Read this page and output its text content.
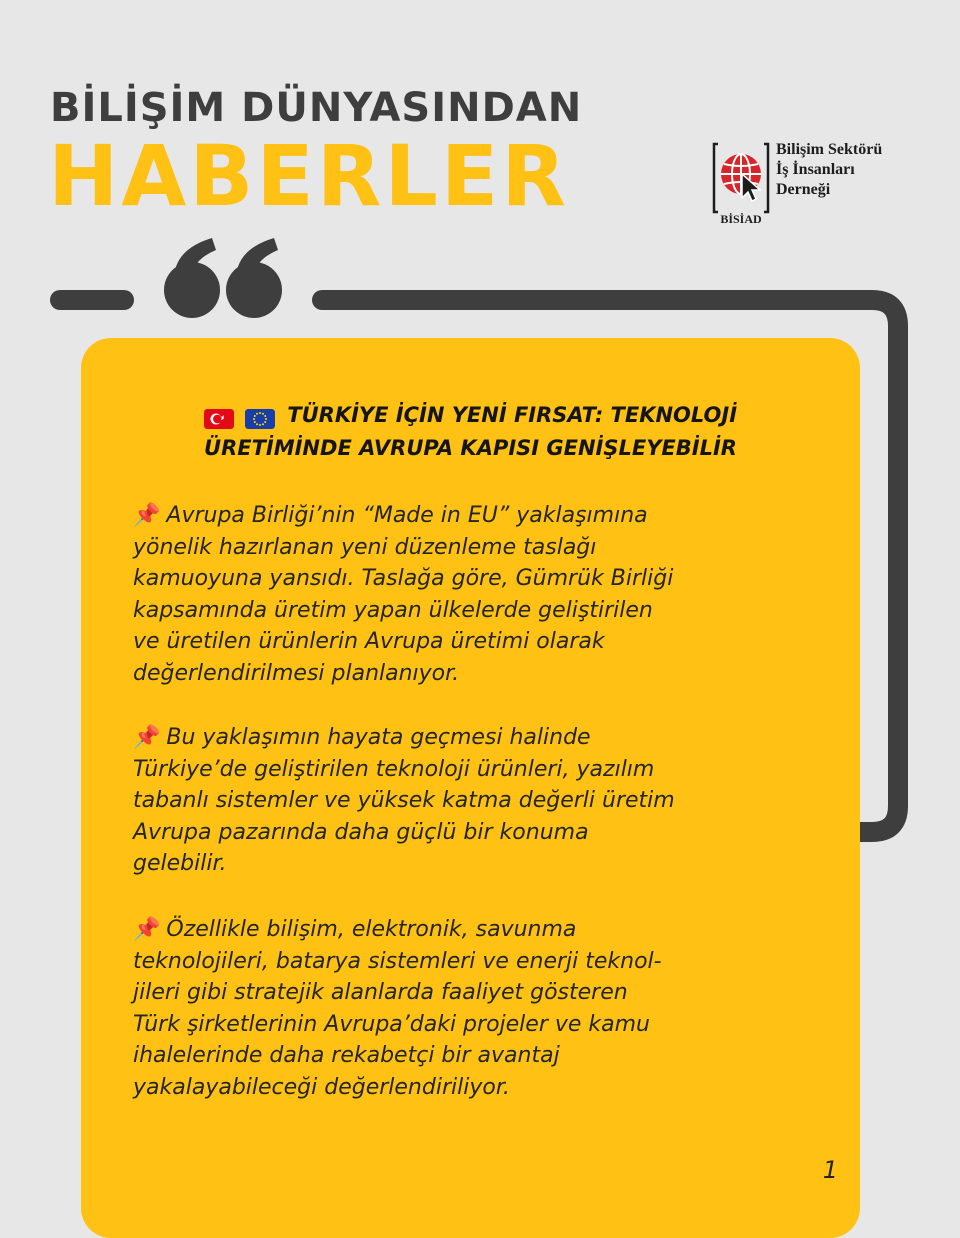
BİLİŞİM DÜNYASINDAN
HABERLER	BİSİAD
Bilişim Sektörü
İş İnsanları
Derneği
TÜRKİYE İÇİN YENİ FIRSAT: TEKNOLOJİ
ÜRETİMİNDE AVRUPA KAPISI GENİŞLEYEBİLİR
📌 Avrupa Birliği’nin “Made in EU” yaklaşımına
yönelik hazırlanan yeni düzenleme taslağı
kamuoyuna yansıdı. Taslağa göre, Gümrük Birliği
kapsamında üretim yapan ülkelerde geliştirilen
ve üretilen ürünlerin Avrupa üretimi olarak
değerlendirilmesi planlanıyor.
📌 Bu yaklaşımın hayata geçmesi halinde
Türkiye’de geliştirilen teknoloji ürünleri, yazılım
tabanlı sistemler ve yüksek katma değerli üretim
Avrupa pazarında daha güçlü bir konuma
gelebilir.
📌 Özellikle bilişim, elektronik, savunma
teknolojileri, batarya sistemleri ve enerji teknol-
jileri gibi stratejik alanlarda faaliyet gösteren
Türk şirketlerinin Avrupa’daki projeler ve kamu
ihalelerinde daha rekabetçi bir avantaj
yakalayabileceği değerlendiriliyor.
1
